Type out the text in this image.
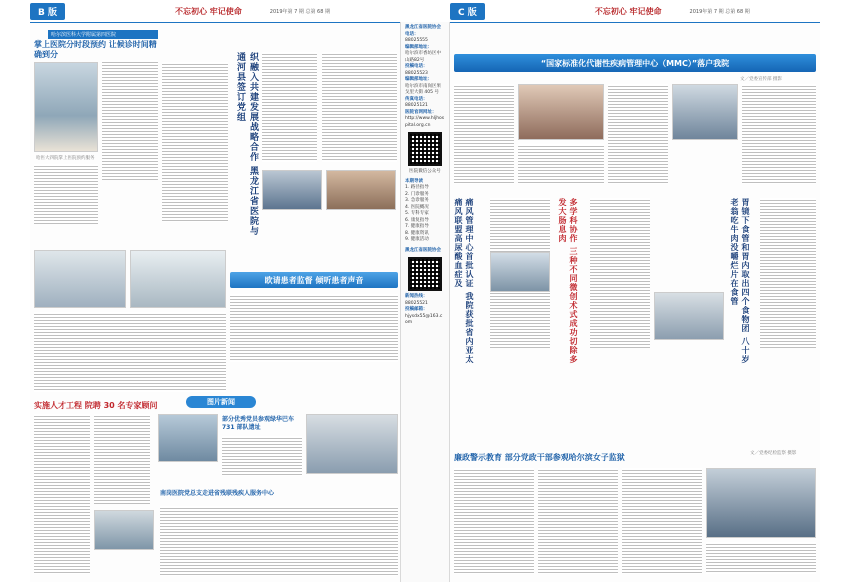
B 版	不忘初心 牢记使命	2019年第 7 期 总第 68 期
哈尔滨医科大学附属第四医院
掌上医院分时段预约 让候诊时间精确到分
哈医大四院掌上医院预约服务	织融入共建发展战略合作 黑龙江省医院与通河县签订党组
欧请患者监督 倾听患者声音
实施人才工程 院聘 30 名专家顾问	图片新闻
部分优秀党员参观绿华巴车 731 部队遗址
南岗医院党总支走进省残联残疾人服务中心
黑龙江省医院协会电话：
88025555
编辑部地址：
哈尔滨市香坊区中山路82号
投稿电话：
88025523
编辑部地址：
哈尔滨市南岗区果戈里大街 405 号
传真电话：
88025121
医院官网网址：
http://www.hljhospital.org.cn
医院微信公众号
本期导读
1. 路径指导
2. 门诊服务
3. 急诊服务
4. 医院概况
5. 专科专家
6. 康复指导
7. 健康指导
8. 健康资讯
9. 健康活动
黑龙江省医院协会
新闻热线：
88025521
投稿邮箱：
hjysdx55@163.com
C 版	不忘初心 牢记使命	2019年第 7 期 总第 68 期
“国家标准化代谢性疾病管理中心（MMC）”落户我院
文／党委宣传部 摄影
痛风管理中心首批认证 我院获批省内亚太痛风联盟高尿酸血症及	多学科协作 三种不同微创术式成功切除多发大肠息肉	胃镜下食管和胃内取出四个食物团 八十岁老翁吃牛肉没嚼烂片在食管
廉政警示教育 部分党政干部参观哈尔滨女子监狱	文／党委纪检监察 摄影
